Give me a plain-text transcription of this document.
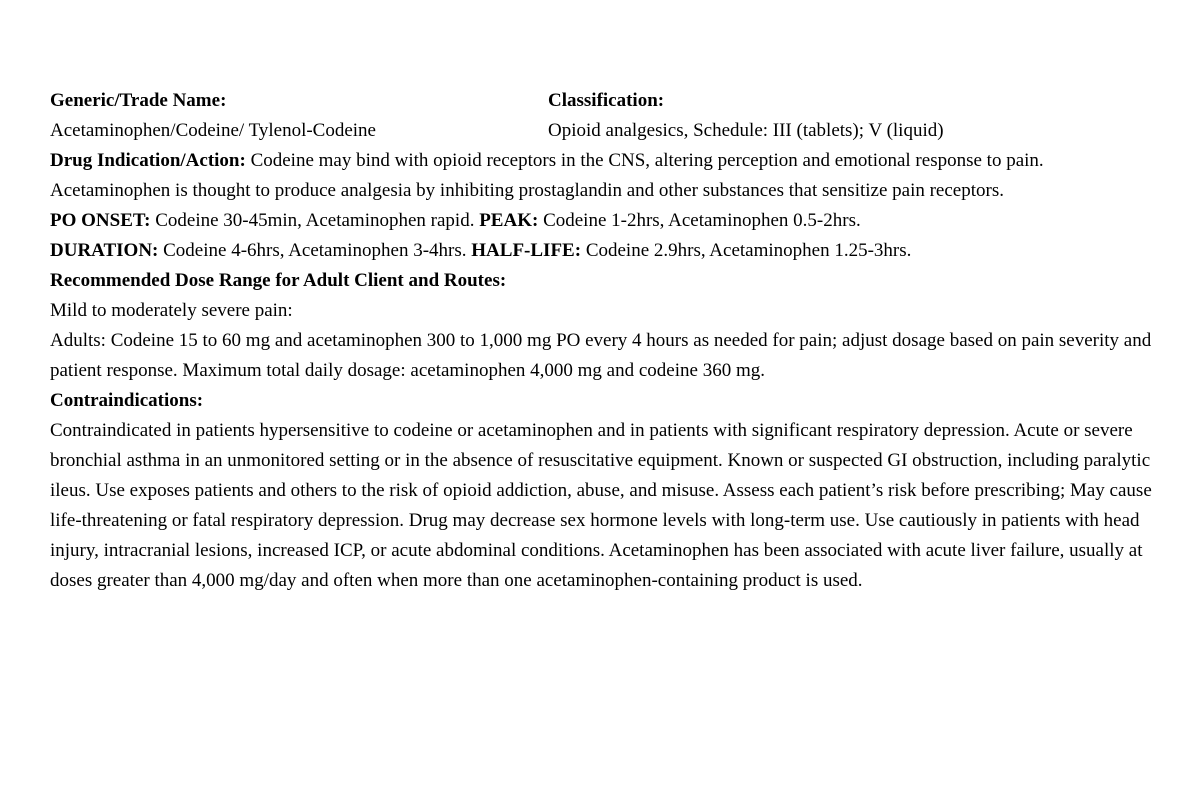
Generic/Trade Name:	Classification:
Acetaminophen/Codeine/ Tylenol-Codeine	Opioid analgesics, Schedule: III (tablets); V (liquid)

Drug Indication/Action: Codeine may bind with opioid receptors in the CNS, altering perception and emotional response to pain. Acetaminophen is thought to produce analgesia by inhibiting prostaglandin and other substances that sensitize pain receptors.

PO ONSET: Codeine 30-45min, Acetaminophen rapid. PEAK: Codeine 1-2hrs, Acetaminophen 0.5-2hrs.

DURATION: Codeine 4-6hrs, Acetaminophen 3-4hrs. HALF-LIFE: Codeine 2.9hrs, Acetaminophen 1.25-3hrs.

Recommended Dose Range for Adult Client and Routes:

Mild to moderately severe pain:

Adults: Codeine 15 to 60 mg and acetaminophen 300 to 1,000 mg PO every 4 hours as needed for pain; adjust dosage based on pain severity and patient response. Maximum total daily dosage: acetaminophen 4,000 mg and codeine 360 mg.

Contraindications:

Contraindicated in patients hypersensitive to codeine or acetaminophen and in patients with significant respiratory depression. Acute or severe bronchial asthma in an unmonitored setting or in the absence of resuscitative equipment. Known or suspected GI obstruction, including paralytic ileus. Use exposes patients and others to the risk of opioid addiction, abuse, and misuse. Assess each patient’s risk before prescribing; May cause life-threatening or fatal respiratory depression. Drug may decrease sex hormone levels with long-term use. Use cautiously in patients with head injury, intracranial lesions, increased ICP, or acute abdominal conditions. Acetaminophen has been associated with acute liver failure, usually at doses greater than 4,000 mg/day and often when more than one acetaminophen-containing product is used.
